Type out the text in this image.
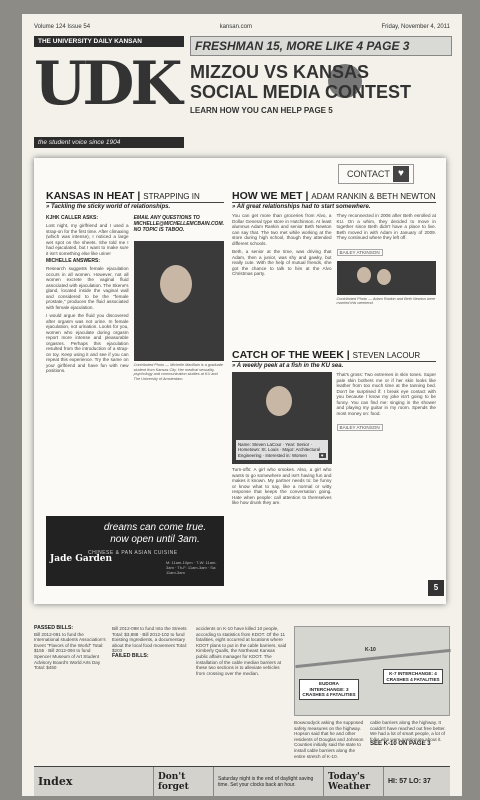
Volume 124 Issue 54	kansan.com	Friday, November 4, 2011
THE UNIVERSITY DAILY KANSAN
UDK
the student voice since 1904
FRESHMAN 15, MORE LIKE 4 PAGE 3
MIZZOU VS KANSAS
SOCIAL MEDIA CONTEST
LEARN HOW YOU CAN HELP PAGE 5
PASSED BILLS:
Bill 2012-091 to fund the International students Association's Event "Flavors of the World" Total: $155 · Bill 2012-094 to fund Spencer Museum of Art Student Advisory Board's World Arts Day Total: $450
Bill 2012-098 to fund Into the Streets Total: $3,888 · Bill 2012-102 to fund Existing Ingredients, a documentary about the local food movement Total: $203
FAILED BILLS:
accidents on K-10 have killed 10 people, according to statistics from KDOT. Of the 11 fatalities, eight occurred at locations where KDOT plans to put in the cable barriers, said Kimberly Qualls, the Northeast Kansas public affairs manager for KDOT. The installation of the cable median barriers at these two sections is to alleviate vehicles from crossing over the median.
K-10
EUDORA INTERCHANGE: 3 CRASHES 4 FATALITIES
K-7 INTERCHANGE: 4 CRASHES 4 FATALITIES
Boxwoodyck asking the supposed safety measures on the highway. Hopson said that he and other residents of Douglas and Johnson Counties initially said the state to install cable barriers along the entire stretch of K-10.
cable barriers along the highway. It couldn't have reached out free better. We had a lot of smart people, a lot of folks who were passionate about it.
SEE K-10 ON PAGE 3
Index	Don't forget
Saturday night is the end of daylight saving time. Set your clocks back an hour.
Today's Weather	HI: 57 LO: 37
CONTACT ♥
KANSAS IN HEAT | STRAPPING IN
» Tackling the sticky world of relationships.
KJHK CALLER ASKS:
Lost night, my girlfriend and I used a strap-on for the first time. After climaxing (which was intense), I noticed a large wet spot on the sheets. She told me I had ejaculated, but I want to make sure it isn't something else like urine!
MICHELLE ANSWERS:
Research suggests female ejaculation occurs in all women. However, not all women excrete the vaginal fluid associated with ejaculation. The Skene's gland, located inside the vaginal wall and considered to be the "female prostate," produces the fluid associated with female ejaculation.
I would argue the fluid you discovered after orgasm was not urine. In female ejaculation, not urination. Looks for you, women who ejaculate during orgasm report more intense and pleasurable orgasms. Perhaps this ejaculation resulted from the introduction of a strap-on toy. Keep using it and see if you can repeat this experience. Try the same on your girlfriend and have fun with new positions.
EMAIL ANY QUESTIONS TO MICHELLE@MICHELLEMCBAIN.COM. NO TOPIC IS TABOO.
Contributed Photo — Michelle MacBain is a graduate student from Kansas City. Her medical sexuality, psychology and communication studies at KU and The University of Amsterdam.
dreams can come true.
now open until 3am.
CHINESE & PAN ASIAN CUISINE
Jade Garden	M: 11am-10pm · T-W: 11am-3am · Th-F: 11am-3am · Sa: 11am-3am
HOW WE MET | ADAM RANKIN & BETH NEWTON
» All great relationships had to start somewhere.
You can get more than groceries from Alvo, a Dollar General type store in Hutchinson. At least alumnus Adam Rankin and senior Beth Newton can say that. The two met while working at the store during high school, though they attended different schools.
Beth, a senior at the time, was driving that Adam, then a junior, was shy and gawky, but really cute. With the help of mutual friends, she got the chance to talk to him at the Alvo Christmas party.
They reconnected in 2006 after Beth enrolled at KU. On a whim, they decided to move in together since Beth didn't have a place to live. Beth moved in with Adam in January of 2009. They continued where they left off.
BAILEY ATKINSON
Contributed Photo — Adam Rankin and Beth Newton were married this weekend.
CATCH OF THE WEEK | STEVEN LACOUR
» A weekly peek at a fish in the KU sea.
Name: Steven LaCour · Year: Senior · Hometown: St. Louis · Major: Architectural Engineering · Interested in: Women	♥
Turn-offs: A girl who smokes. Also, a girl who wants to go somewhere and isn't having fun and makes it known. My partner needs to: be funny or know what to say, like a normal or witty response that keeps the conversation going. Hate when people: call attention to themselves like how drunk they are.
That's gross: Two extremes in skin tones. Super pale skin bothers me or if her skin looks like leather from too much time at the tanning bed. Don't be surprised if: I break eye contact with you because I know my joke isn't going to be funny. You can find me: singing in the shower and playing my guitar in my room. Spends the most money on: food.
BAILEY ATKINSON
5
